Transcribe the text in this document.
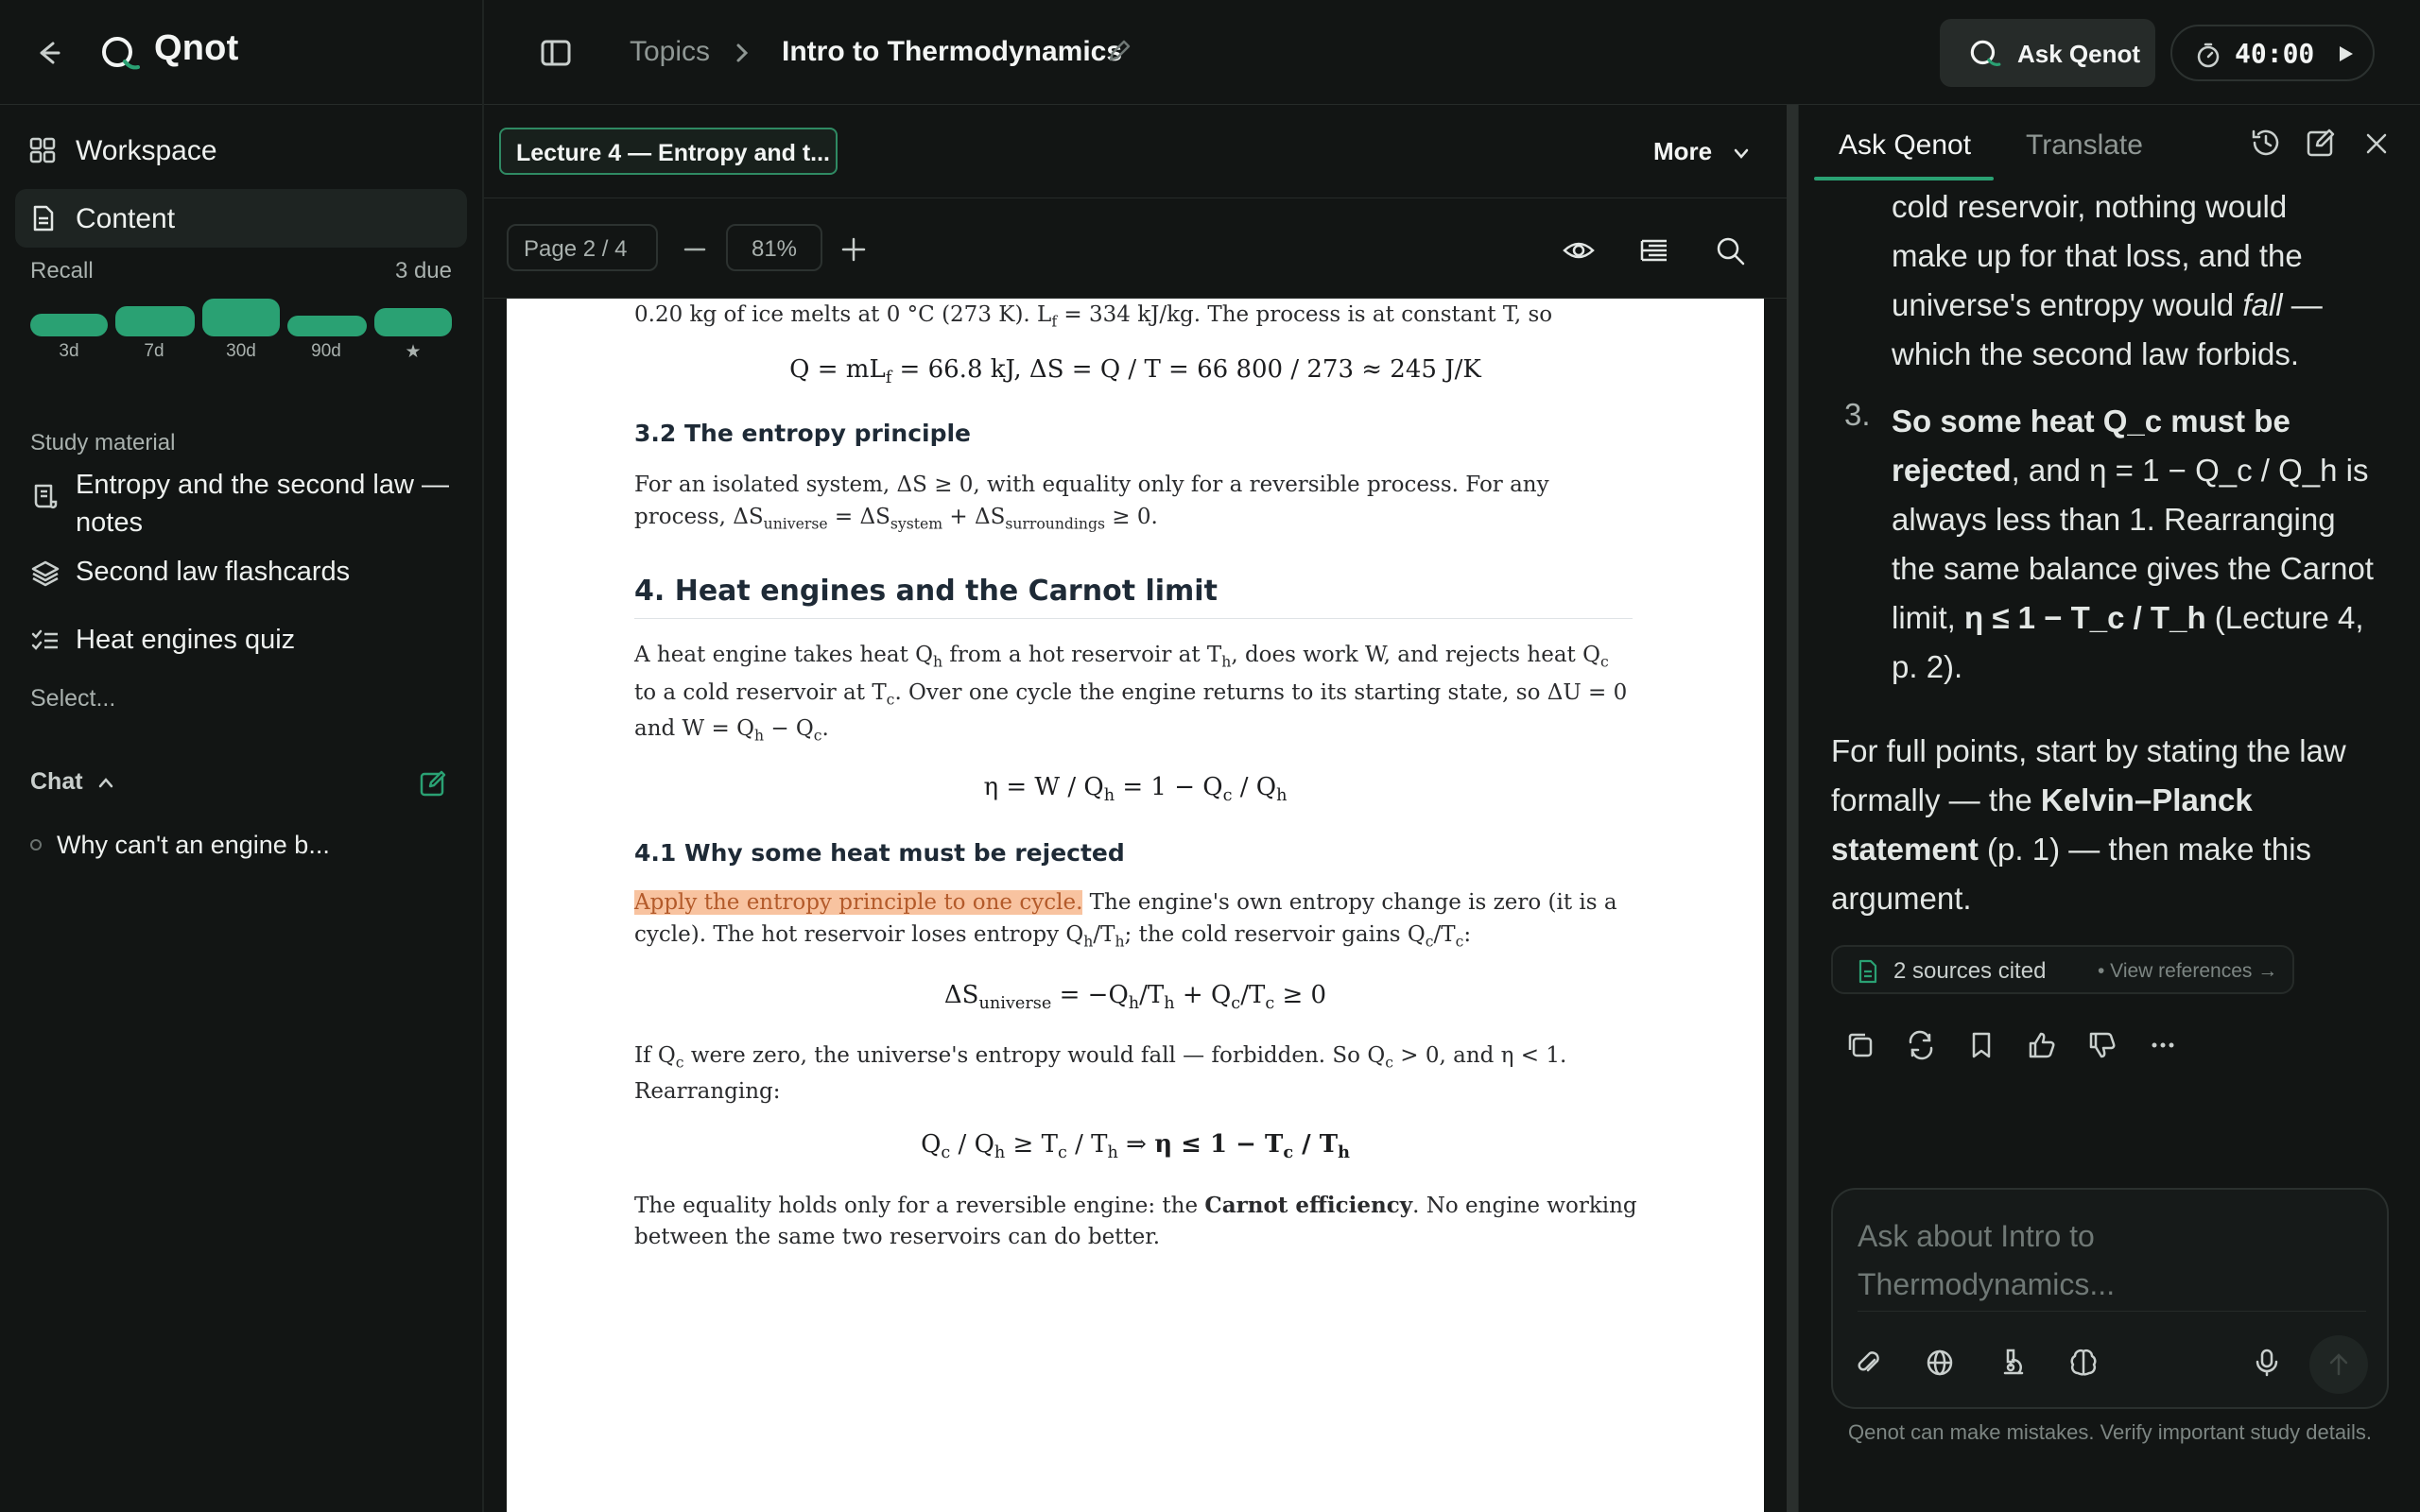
Qnot	Topics	Intro to Thermodynamics	Ask Qenot	40:00
Workspace
Content
Recall	3 due
3d	7d	30d	90d	★
Study material
Entropy and the second law — notes
Second law flashcards
Heat engines quiz
Select...
Chat
Why can't an engine b...
Lecture 4 — Entropy and t...	More
Page 2 / 4	81%
0.20 kg of ice melts at 0 °C (273 K). $L_f = 334$ kJ/kg. The process is at constant T, so
$Q = mL_f = 66.8$ kJ, ΔS = Q / T = 66 800 / 273 ≈ 245 J/K
3.2 The entropy principle
For an isolated system, ΔS ≥ 0, with equality only for a reversible process. For any
process, $\Delta S_{universe} = \Delta S_{system} + \Delta S_{surroundings} \ge 0$.
4. Heat engines and the Carnot limit
A heat engine takes heat $Q_h$ from a hot reservoir at $T_h$, does work W, and rejects heat $Q_c$
to a cold reservoir at $T_c$. Over one cycle the engine returns to its starting state, so ΔU = 0
and $W = Q_h - Q_c$.
$\eta = W / Q_h = 1 - Q_c / Q_h$
4.1 Why some heat must be rejected
Apply the entropy principle to one cycle. The engine's own entropy change is zero (it is a
cycle). The hot reservoir loses entropy $Q_h/T_h$; the cold reservoir gains $Q_c/T_c$:
$\Delta S_{universe} = -Q_h/T_h + Q_c/T_c \ge 0$
If $Q_c$ were zero, the universe's entropy would fall — forbidden. So $Q_c > 0$, and η < 1.
Rearranging:
$Q_c / Q_h \ge T_c / T_h$ ⇒ $\eta \le 1 - T_c / T_h$
The equality holds only for a reversible engine: the Carnot efficiency. No engine working
between the same two reservoirs can do better.
Ask Qenot Translate
cold reservoir, nothing would
make up for that loss, and the
universe's entropy would fall —
which the second law forbids.
3. So some heat Q_c must be
rejected, and η = 1 − Q_c / Q_h is
always less than 1. Rearranging
the same balance gives the Carnot
limit, η ≤ 1 − T_c / T_h (Lecture 4,
p. 2).
For full points, start by stating the law
formally — the Kelvin–Planck
statement (p. 1) — then make this
argument.
2 sources cited	• View references →
Ask about Intro to Thermodynamics...
Qenot can make mistakes. Verify important study details.
